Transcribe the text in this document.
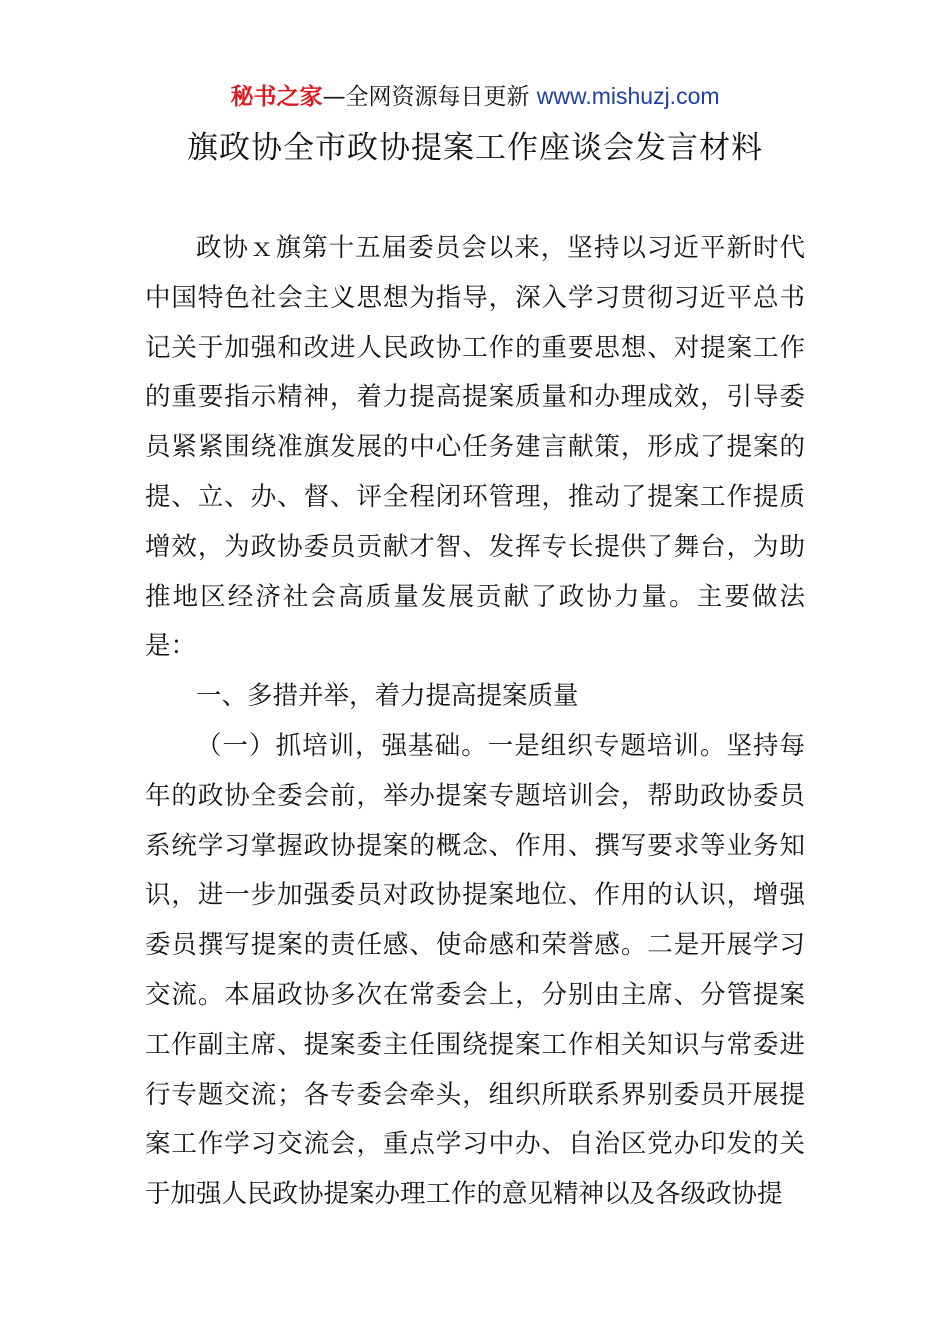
秘书之家—全网资源每日更新 www.mishuzj.com
旗政协全市政协提案工作座谈会发言材料

政协ｘ旗第十五届委员会以来，坚持以习近平新时代中国特色社会主义思想为指导，深入学习贯彻习近平总书记关于加强和改进人民政协工作的重要思想、对提案工作的重要指示精神，着力提高提案质量和办理成效，引导委员紧紧围绕准旗发展的中心任务建言献策，形成了提案的提、立、办、督、评全程闭环管理，推动了提案工作提质增效，为政协委员贡献才智、发挥专长提供了舞台，为助推地区经济社会高质量发展贡献了政协力量。主要做法是：

一、多措并举，着力提高提案质量

（一）抓培训，强基础。一是组织专题培训。坚持每年的政协全委会前，举办提案专题培训会，帮助政协委员系统学习掌握政协提案的概念、作用、撰写要求等业务知识，进一步加强委员对政协提案地位、作用的认识，增强委员撰写提案的责任感、使命感和荣誉感。二是开展学习交流。本届政协多次在常委会上，分别由主席、分管提案工作副主席、提案委主任围绕提案工作相关知识与常委进行专题交流；各专委会牵头，组织所联系界别委员开展提案工作学习交流会，重点学习中办、自治区党办印发的关于加强人民政协提案办理工作的意见精神以及各级政协提
